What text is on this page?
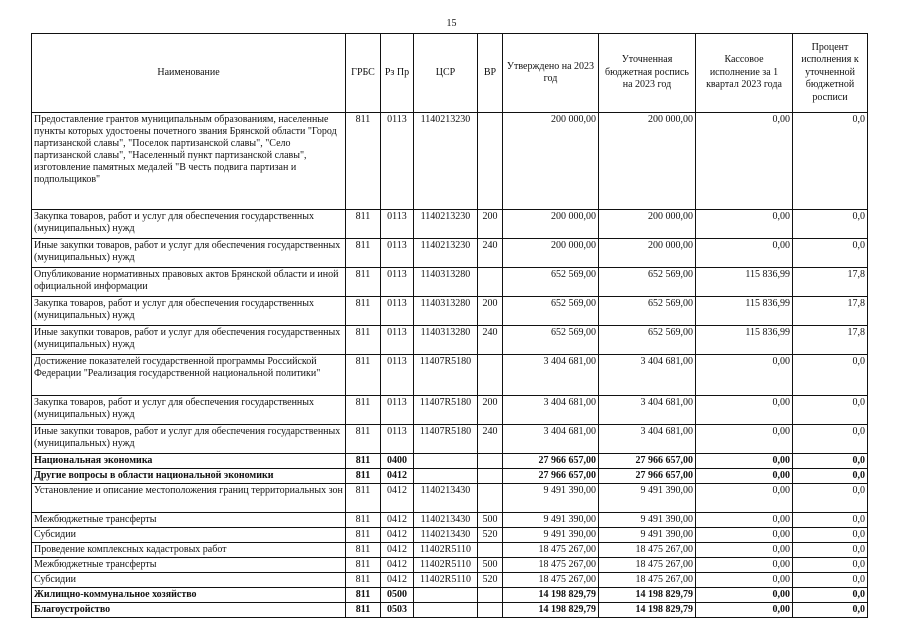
15
Наименование	ГРБС	Рз Пр	ЦСР	ВР	Утверждено на 2023 год	Уточненная бюджетная роспись на 2023 год	Кассовое исполнение за 1 квартал 2023 года	Процент исполнения к уточненной бюджетной росписи
Предоставление грантов муниципальным образованиям, населенные пункты которых удостоены почетного звания Брянской области "Город партизанской славы", "Поселок партизанской славы", "Село партизанской славы", "Населенный пункт партизанской славы", изготовление памятных медалей "В честь подвига партизан и подпольщиков"	811	0113	1140213230		200 000,00	200 000,00	0,00	0,0
Закупка товаров, работ и услуг для обеспечения государственных (муниципальных) нужд	811	0113	1140213230	200	200 000,00	200 000,00	0,00	0,0
Иные закупки товаров, работ и услуг для обеспечения государственных (муниципальных) нужд	811	0113	1140213230	240	200 000,00	200 000,00	0,00	0,0
Опубликование нормативных правовых актов Брянской области и иной официальной информации	811	0113	1140313280		652 569,00	652 569,00	115 836,99	17,8
Закупка товаров, работ и услуг для обеспечения государственных (муниципальных) нужд	811	0113	1140313280	200	652 569,00	652 569,00	115 836,99	17,8
Иные закупки товаров, работ и услуг для обеспечения государственных (муниципальных) нужд	811	0113	1140313280	240	652 569,00	652 569,00	115 836,99	17,8
Достижение показателей государственной программы Российской Федерации "Реализация государственной национальной политики"	811	0113	11407R5180		3 404 681,00	3 404 681,00	0,00	0,0
Закупка товаров, работ и услуг для обеспечения государственных (муниципальных) нужд	811	0113	11407R5180	200	3 404 681,00	3 404 681,00	0,00	0,0
Иные закупки товаров, работ и услуг для обеспечения государственных (муниципальных) нужд	811	0113	11407R5180	240	3 404 681,00	3 404 681,00	0,00	0,0
Национальная экономика	811	0400			27 966 657,00	27 966 657,00	0,00	0,0
Другие вопросы в области национальной экономики	811	0412			27 966 657,00	27 966 657,00	0,00	0,0
Установление и описание местоположения границ территориальных зон	811	0412	1140213430		9 491 390,00	9 491 390,00	0,00	0,0
Межбюджетные трансферты	811	0412	1140213430	500	9 491 390,00	9 491 390,00	0,00	0,0
Субсидии	811	0412	1140213430	520	9 491 390,00	9 491 390,00	0,00	0,0
Проведение комплексных кадастровых работ	811	0412	11402R5110		18 475 267,00	18 475 267,00	0,00	0,0
Межбюджетные трансферты	811	0412	11402R5110	500	18 475 267,00	18 475 267,00	0,00	0,0
Субсидии	811	0412	11402R5110	520	18 475 267,00	18 475 267,00	0,00	0,0
Жилищно-коммунальное хозяйство	811	0500			14 198 829,79	14 198 829,79	0,00	0,0
Благоустройство	811	0503			14 198 829,79	14 198 829,79	0,00	0,0
